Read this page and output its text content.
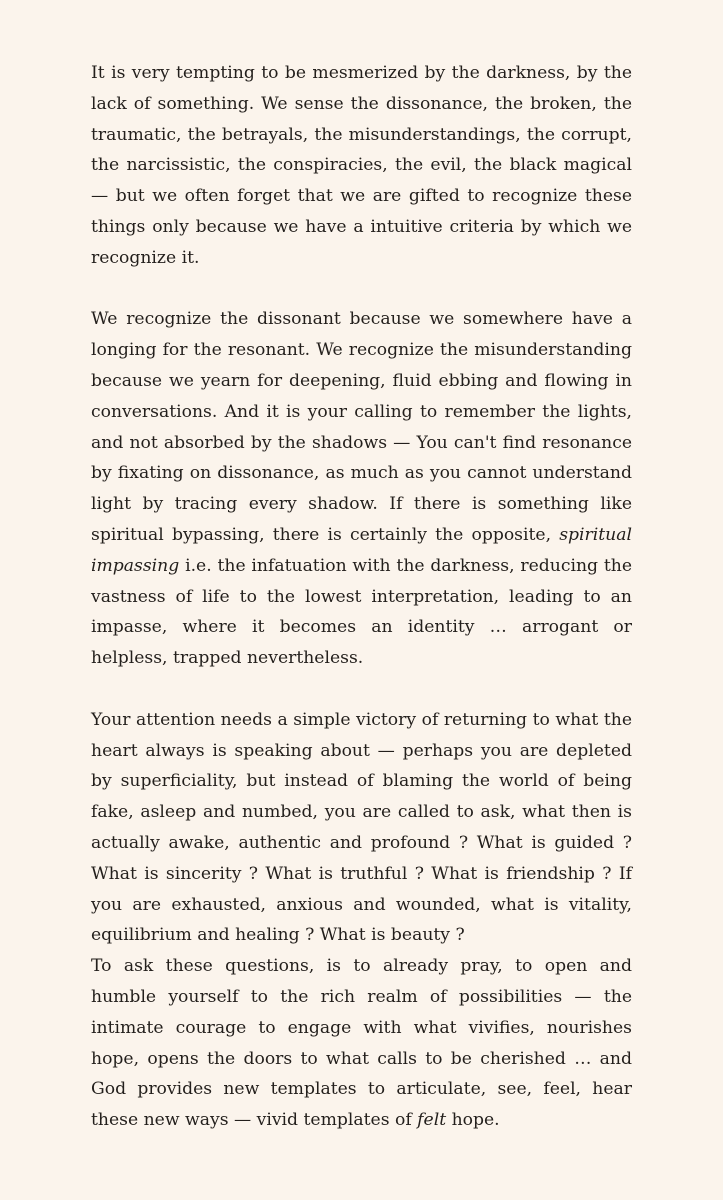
It is very tempting to be mesmerized by the darkness, by the lack of something. We sense the dissonance, the broken, the traumatic, the betrayals, the misunderstandings, the corrupt, the narcissistic, the conspiracies, the evil, the black magical — but we often forget that we are gifted to recognize these things only because we have a intuitive criteria by which we recognize it.

We recognize the dissonant because we somewhere have a longing for the resonant. We recognize the misunderstanding because we yearn for deepening, fluid ebbing and flowing in conversations. And it is your calling to remember the lights, and not absorbed by the shadows — You can't find resonance by fixating on dissonance, as much as you cannot understand light by tracing every shadow. If there is something like spiritual bypassing, there is certainly the opposite, spiritual impassing i.e. the infatuation with the darkness, reducing the vastness of life to the lowest interpretation, leading to an impasse, where it becomes an identity … arrogant or helpless, trapped nevertheless.

Your attention needs a simple victory of returning to what the heart always is speaking about — perhaps you are depleted by superficiality, but instead of blaming the world of being fake, asleep and numbed, you are called to ask, what then is actually awake, authentic and profound ? What is guided ? What is sincerity ? What is truthful ? What is friendship ? If you are exhausted, anxious and wounded, what is vitality, equilibrium and healing ? What is beauty ?

To ask these questions, is to already pray, to open and humble yourself to the rich realm of possibilities — the intimate courage to engage with what vivifies, nourishes hope, opens the doors to what calls to be cherished … and God provides new templates to articulate, see, feel, hear these new ways — vivid templates of felt hope.
